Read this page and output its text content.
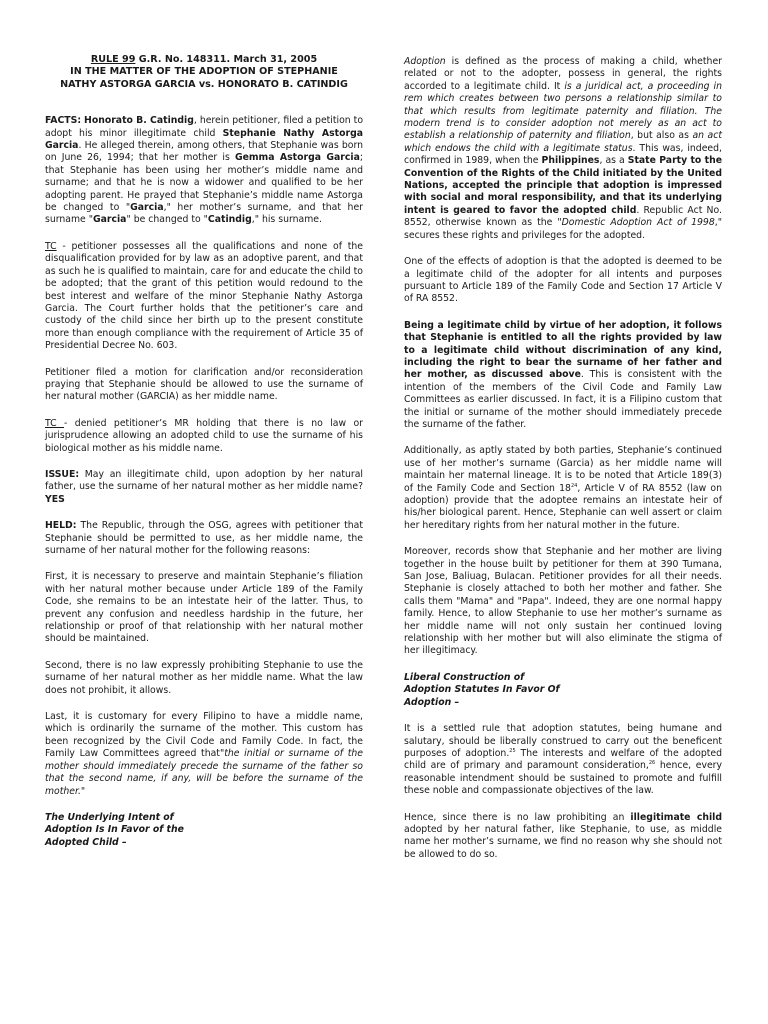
RULE 99 G.R. No. 148311. March 31, 2005
IN THE MATTER OF THE ADOPTION OF STEPHANIE
NATHY ASTORGA GARCIA vs. HONORATO B. CATINDIG

FACTS: Honorato B. Catindig, herein petitioner, filed a petition to adopt his minor illegitimate child Stephanie Nathy Astorga Garcia. He alleged therein, among others, that Stephanie was born on June 26, 1994; that her mother is Gemma Astorga Garcia; that Stephanie has been using her mother’s middle name and surname; and that he is now a widower and qualified to be her adopting parent. He prayed that Stephanie’s middle name Astorga be changed to "Garcia," her mother’s surname, and that her surname "Garcia" be changed to "Catindig," his surname.

TC - petitioner possesses all the qualifications and none of the disqualification provided for by law as an adoptive parent, and that as such he is qualified to maintain, care for and educate the child to be adopted; that the grant of this petition would redound to the best interest and welfare of the minor Stephanie Nathy Astorga Garcia. The Court further holds that the petitioner’s care and custody of the child since her birth up to the present constitute more than enough compliance with the requirement of Article 35 of Presidential Decree No. 603.

Petitioner filed a motion for clarification and/or reconsideration praying that Stephanie should be allowed to use the surname of her natural mother (GARCIA) as her middle name.

TC - denied petitioner’s MR holding that there is no law or jurisprudence allowing an adopted child to use the surname of his biological mother as his middle name.

ISSUE: May an illegitimate child, upon adoption by her natural father, use the surname of her natural mother as her middle name? YES

HELD: The Republic, through the OSG, agrees with petitioner that Stephanie should be permitted to use, as her middle name, the surname of her natural mother for the following reasons:

First, it is necessary to preserve and maintain Stephanie’s filiation with her natural mother because under Article 189 of the Family Code, she remains to be an intestate heir of the latter. Thus, to prevent any confusion and needless hardship in the future, her relationship or proof of that relationship with her natural mother should be maintained.

Second, there is no law expressly prohibiting Stephanie to use the surname of her natural mother as her middle name. What the law does not prohibit, it allows.

Last, it is customary for every Filipino to have a middle name, which is ordinarily the surname of the mother. This custom has been recognized by the Civil Code and Family Code. In fact, the Family Law Committees agreed that"the initial or surname of the mother should immediately precede the surname of the father so that the second name, if any, will be before the surname of the mother."

The Underlying Intent of
Adoption Is In Favor of the
Adopted Child –

Adoption is defined as the process of making a child, whether related or not to the adopter, possess in general, the rights accorded to a legitimate child. It is a juridical act, a proceeding in rem which creates between two persons a relationship similar to that which results from legitimate paternity and filiation. The modern trend is to consider adoption not merely as an act to establish a relationship of paternity and filiation, but also as an act which endows the child with a legitimate status. This was, indeed, confirmed in 1989, when the Philippines, as a State Party to the Convention of the Rights of the Child initiated by the United Nations, accepted the principle that adoption is impressed with social and moral responsibility, and that its underlying intent is geared to favor the adopted child. Republic Act No. 8552, otherwise known as the "Domestic Adoption Act of 1998," secures these rights and privileges for the adopted.

One of the effects of adoption is that the adopted is deemed to be a legitimate child of the adopter for all intents and purposes pursuant to Article 189 of the Family Code and Section 17 Article V of RA 8552.

Being a legitimate child by virtue of her adoption, it follows that Stephanie is entitled to all the rights provided by law to a legitimate child without discrimination of any kind, including the right to bear the surname of her father and her mother, as discussed above. This is consistent with the intention of the members of the Civil Code and Family Law Committees as earlier discussed. In fact, it is a Filipino custom that the initial or surname of the mother should immediately precede the surname of the father.

Additionally, as aptly stated by both parties, Stephanie’s continued use of her mother’s surname (Garcia) as her middle name will maintain her maternal lineage. It is to be noted that Article 189(3) of the Family Code and Section $18^{24}$, Article V of RA 8552 (law on adoption) provide that the adoptee remains an intestate heir of his/her biological parent. Hence, Stephanie can well assert or claim her hereditary rights from her natural mother in the future.

Moreover, records show that Stephanie and her mother are living together in the house built by petitioner for them at 390 Tumana, San Jose, Baliuag, Bulacan. Petitioner provides for all their needs. Stephanie is closely attached to both her mother and father. She calls them "Mama" and "Papa". Indeed, they are one normal happy family. Hence, to allow Stephanie to use her mother’s surname as her middle name will not only sustain her continued loving relationship with her mother but will also eliminate the stigma of her illegitimacy.

Liberal Construction of
Adoption Statutes In Favor Of
Adoption –

It is a settled rule that adoption statutes, being humane and salutary, should be liberally construed to carry out the beneficent purposes of adoption.$^{25}$ The interests and welfare of the adopted child are of primary and paramount consideration,$^{26}$ hence, every reasonable intendment should be sustained to promote and fulfill these noble and compassionate objectives of the law.

Hence, since there is no law prohibiting an illegitimate child adopted by her natural father, like Stephanie, to use, as middle name her mother’s surname, we find no reason why she should not be allowed to do so.
